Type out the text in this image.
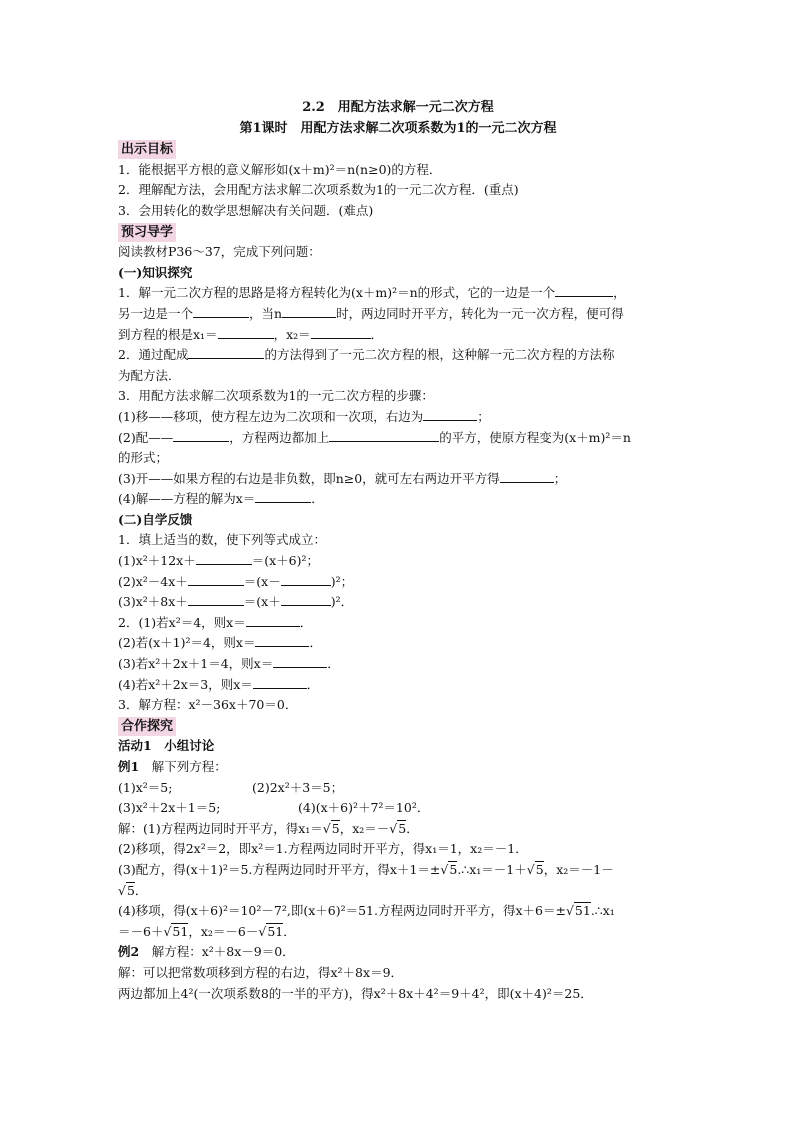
2.2　用配方法求解一元二次方程
第1课时　用配方法求解二次项系数为1的一元二次方程
出示目标
1．能根据平方根的意义解形如(x＋m)²＝n(n≥0)的方程．
2．理解配方法，会用配方法求解二次项系数为1的一元二次方程．(重点)
3．会用转化的数学思想解决有关问题．(难点)
预习导学
阅读教材P36～37，完成下列问题：
(一)知识探究
1．解一元二次方程的思路是将方程转化为(x＋m)²＝n的形式，它的一边是一个	，
另一边是一个	，当n	时，两边同时开平方，转化为一元一次方程，便可得
到方程的根是x₁＝	，x₂＝	．
2．通过配成	的方法得到了一元二次方程的根，这种解一元二次方程的方法称
为配方法．
3．用配方法求解二次项系数为1的一元二次方程的步骤：
(1)移——移项，使方程左边为二次项和一次项，右边为	；
(2)配——	，方程两边都加上	的平方，使原方程变为(x＋m)²＝n
的形式；
(3)开——如果方程的右边是非负数，即n≥0，就可左右两边开平方得	；
(4)解——方程的解为x＝	．
(二)自学反馈
1．填上适当的数，使下列等式成立：
(1)x²＋12x＋	＝(x＋6)²；
(2)x²－4x＋	＝(x－	)²；
(3)x²＋8x＋	＝(x＋	)²．
2．(1)若x²＝4，则x＝	．
(2)若(x＋1)²＝4，则x＝	．
(3)若x²＋2x＋1＝4，则x＝	．
(4)若x²＋2x＝3，则x＝	．
3．解方程：x²－36x＋70＝0．
合作探究
活动1　小组讨论
例1　解下列方程：
(1)x²＝5;	(2)2x²＋3＝5；
(3)x²＋2x＋1＝5;	(4)(x＋6)²＋7²＝10²．
解：(1)方程两边同时开平方，得x₁＝√5，x₂＝－√5．
(2)移项，得2x²＝2，即x²＝1.方程两边同时开平方，得x₁＝1，x₂＝－1．
(3)配方，得(x＋1)²＝5.方程两边同时开平方，得x＋1＝±√5.∴x₁＝－1＋√5，x₂＝－1－
√5．
(4)移项，得(x＋6)²＝10²－7²,即(x＋6)²＝51.方程两边同时开平方，得x＋6＝±√51.∴x₁
＝－6＋√51，x₂＝－6－√51．
例2　解方程：x²＋8x－9＝0．
解：可以把常数项移到方程的右边，得x²＋8x＝9．
两边都加上4²(一次项系数8的一半的平方)，得x²＋8x＋4²＝9＋4²，即(x＋4)²＝25．
